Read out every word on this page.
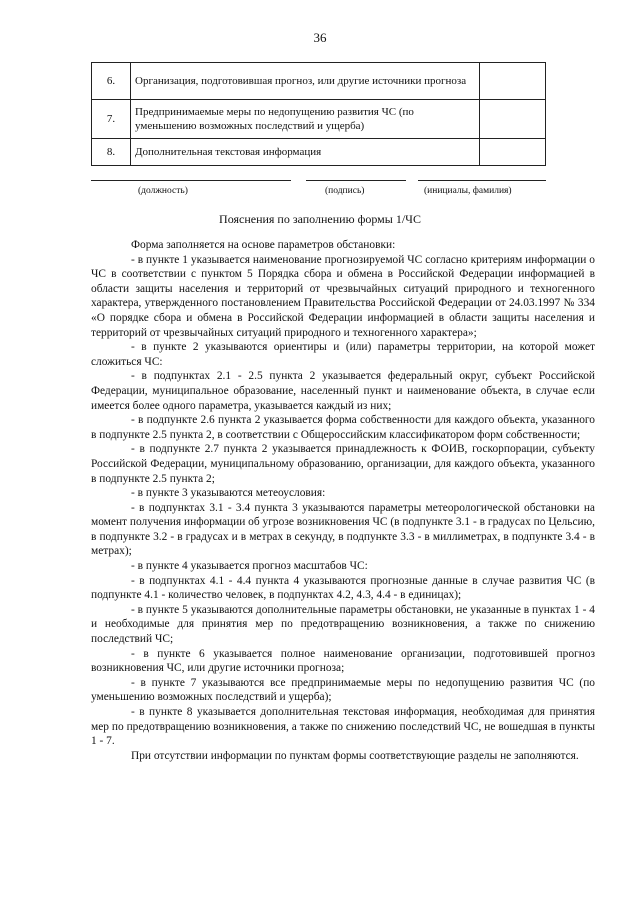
36
6.	Организация, подготовившая прогноз, или другие источники прогноза	
7.	Предпринимаемые меры по недопущению развития ЧС (по уменьшению возможных последствий и ущерба)	
8.	Дополнительная текстовая информация	
(должность)	(подпись)	(инициалы, фамилия)
Пояснения по заполнению формы 1/ЧС

Форма заполняется на основе параметров обстановки:

- в пункте 1 указывается наименование прогнозируемой ЧС согласно критериям информации о ЧС в соответствии с пунктом 5 Порядка сбора и обмена в Российской Федерации информацией в области защиты населения и территорий от чрезвычайных ситуаций природного и техногенного характера, утвержденного постановлением Правительства Российской Федерации от 24.03.1997 № 334 «О порядке сбора и обмена в Российской Федерации информацией в области защиты населения и территорий от чрезвычайных ситуаций природного и техногенного характера»;

- в пункте 2 указываются ориентиры и (или) параметры территории, на которой может сложиться ЧС:

- в подпунктах 2.1 - 2.5 пункта 2 указывается федеральный округ, субъект Российской Федерации, муниципальное образование, населенный пункт и наименование объекта, в случае если имеется более одного параметра, указывается каждый из них;

- в подпункте 2.6 пункта 2 указывается форма собственности для каждого объекта, указанного в подпункте 2.5 пункта 2, в соответствии с Общероссийским классификатором форм собственности;

- в подпункте 2.7 пункта 2 указывается принадлежность к ФОИВ, госкорпорации, субъекту Российской Федерации, муниципальному образованию, организации, для каждого объекта, указанного в подпункте 2.5 пункта 2;

- в пункте 3 указываются метеоусловия:

- в подпунктах 3.1 - 3.4 пункта 3 указываются параметры метеорологической обстановки на момент получения информации об угрозе возникновения ЧС (в подпункте 3.1 - в градусах по Цельсию, в подпункте 3.2 - в градусах и в метрах в секунду, в подпункте 3.3 - в миллиметрах, в подпункте 3.4 - в метрах);

- в пункте 4 указывается прогноз масштабов ЧС:

- в подпунктах 4.1 - 4.4 пункта 4 указываются прогнозные данные в случае развития ЧС (в подпункте 4.1 - количество человек, в подпунктах 4.2, 4.3, 4.4 - в единицах);

- в пункте 5 указываются дополнительные параметры обстановки, не указанные в пунктах 1 - 4 и необходимые для принятия мер по предотвращению возникновения, а также по снижению последствий ЧС;

- в пункте 6 указывается полное наименование организации, подготовившей прогноз возникновения ЧС, или другие источники прогноза;

- в пункте 7 указываются все предпринимаемые меры по недопущению развития ЧС (по уменьшению возможных последствий и ущерба);

- в пункте 8 указывается дополнительная текстовая информация, необходимая для принятия мер по предотвращению возникновения, а также по снижению последствий ЧС, не вошедшая в пункты 1 - 7.

При отсутствии информации по пунктам формы соответствующие разделы не заполняются.
